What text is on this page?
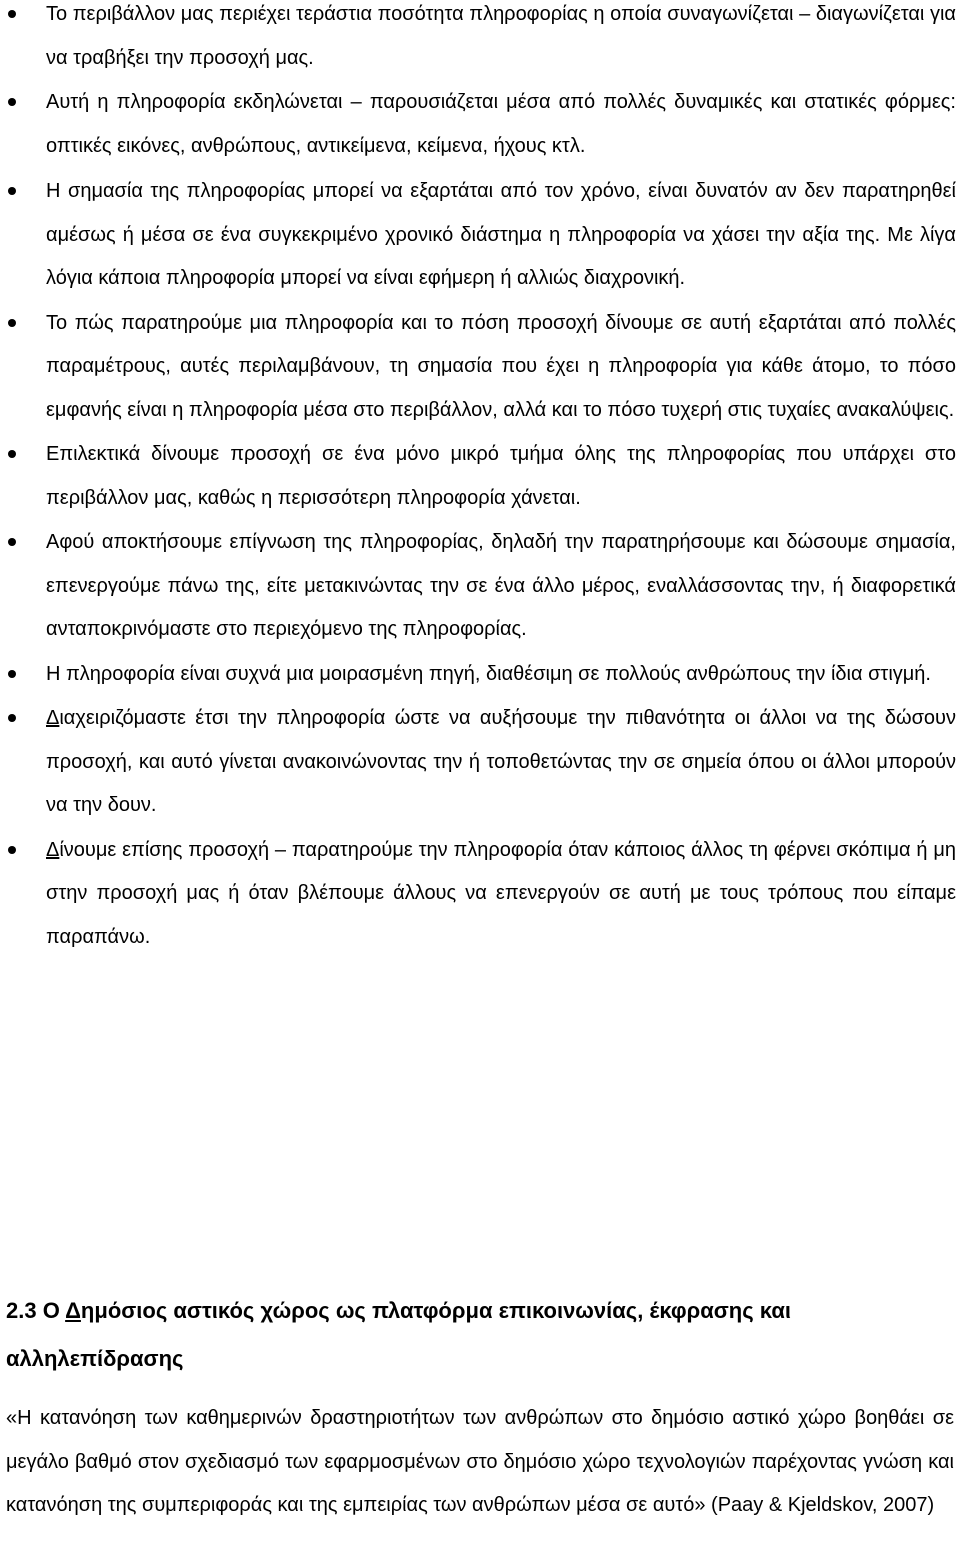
Το περιβάλλον μας περιέχει τεράστια ποσότητα πληροφορίας η οποία συναγωνίζεται – διαγωνίζεται για να τραβήξει την προσοχή μας.
Αυτή η πληροφορία εκδηλώνεται – παρουσιάζεται μέσα από πολλές δυναμικές και στατικές φόρμες: οπτικές εικόνες, ανθρώπους, αντικείμενα, κείμενα, ήχους κτλ.
Η σημασία της πληροφορίας μπορεί να εξαρτάται από τον χρόνο, είναι δυνατόν αν δεν παρατηρηθεί αμέσως ή μέσα σε ένα συγκεκριμένο χρονικό διάστημα η πληροφορία να χάσει την αξία της. Με λίγα λόγια κάποια πληροφορία μπορεί να είναι εφήμερη ή αλλιώς διαχρονική.
Το πώς παρατηρούμε μια πληροφορία και το πόση προσοχή δίνουμε σε αυτή εξαρτάται από πολλές παραμέτρους, αυτές περιλαμβάνουν, τη σημασία που έχει η πληροφορία για κάθε άτομο, το πόσο εμφανής είναι η πληροφορία μέσα στο περιβάλλον, αλλά και το πόσο τυχερή στις τυχαίες ανακαλύψεις.
Επιλεκτικά δίνουμε προσοχή σε ένα μόνο μικρό τμήμα όλης της πληροφορίας που υπάρχει στο περιβάλλον μας, καθώς η περισσότερη πληροφορία χάνεται.
Αφού αποκτήσουμε επίγνωση της πληροφορίας, δηλαδή την παρατηρήσουμε και δώσουμε σημασία, επενεργούμε πάνω της, είτε μετακινώντας την σε ένα άλλο μέρος, εναλλάσσοντας την, ή διαφορετικά ανταποκρινόμαστε στο περιεχόμενο της πληροφορίας.
Η πληροφορία είναι συχνά μια μοιρασμένη πηγή, διαθέσιμη σε πολλούς ανθρώπους την ίδια στιγμή.
Διαχειριζόμαστε έτσι την πληροφορία ώστε να αυξήσουμε την πιθανότητα οι άλλοι να της δώσουν προσοχή, και αυτό γίνεται ανακοινώνοντας την ή τοποθετώντας την σε σημεία όπου οι άλλοι μπορούν να την δουν.
Δίνουμε επίσης προσοχή – παρατηρούμε την πληροφορία όταν κάποιος άλλος τη φέρνει σκόπιμα ή μη στην προσοχή μας ή όταν βλέπουμε άλλους να επενεργούν σε αυτή με τους τρόπους που είπαμε παραπάνω.
2.3 Ο Δημόσιος αστικός χώρος ως πλατφόρμα επικοινωνίας, έκφρασης και αλληλεπίδρασης

«Η κατανόηση των καθημερινών δραστηριοτήτων των ανθρώπων στο δημόσιο αστικό χώρο βοηθάει σε μεγάλο βαθμό στον σχεδιασμό των εφαρμοσμένων στο δημόσιο χώρο τεχνολογιών παρέχοντας γνώση και κατανόηση της συμπεριφοράς και της εμπειρίας των ανθρώπων μέσα σε αυτό» (Paay & Kjeldskov, 2007)
